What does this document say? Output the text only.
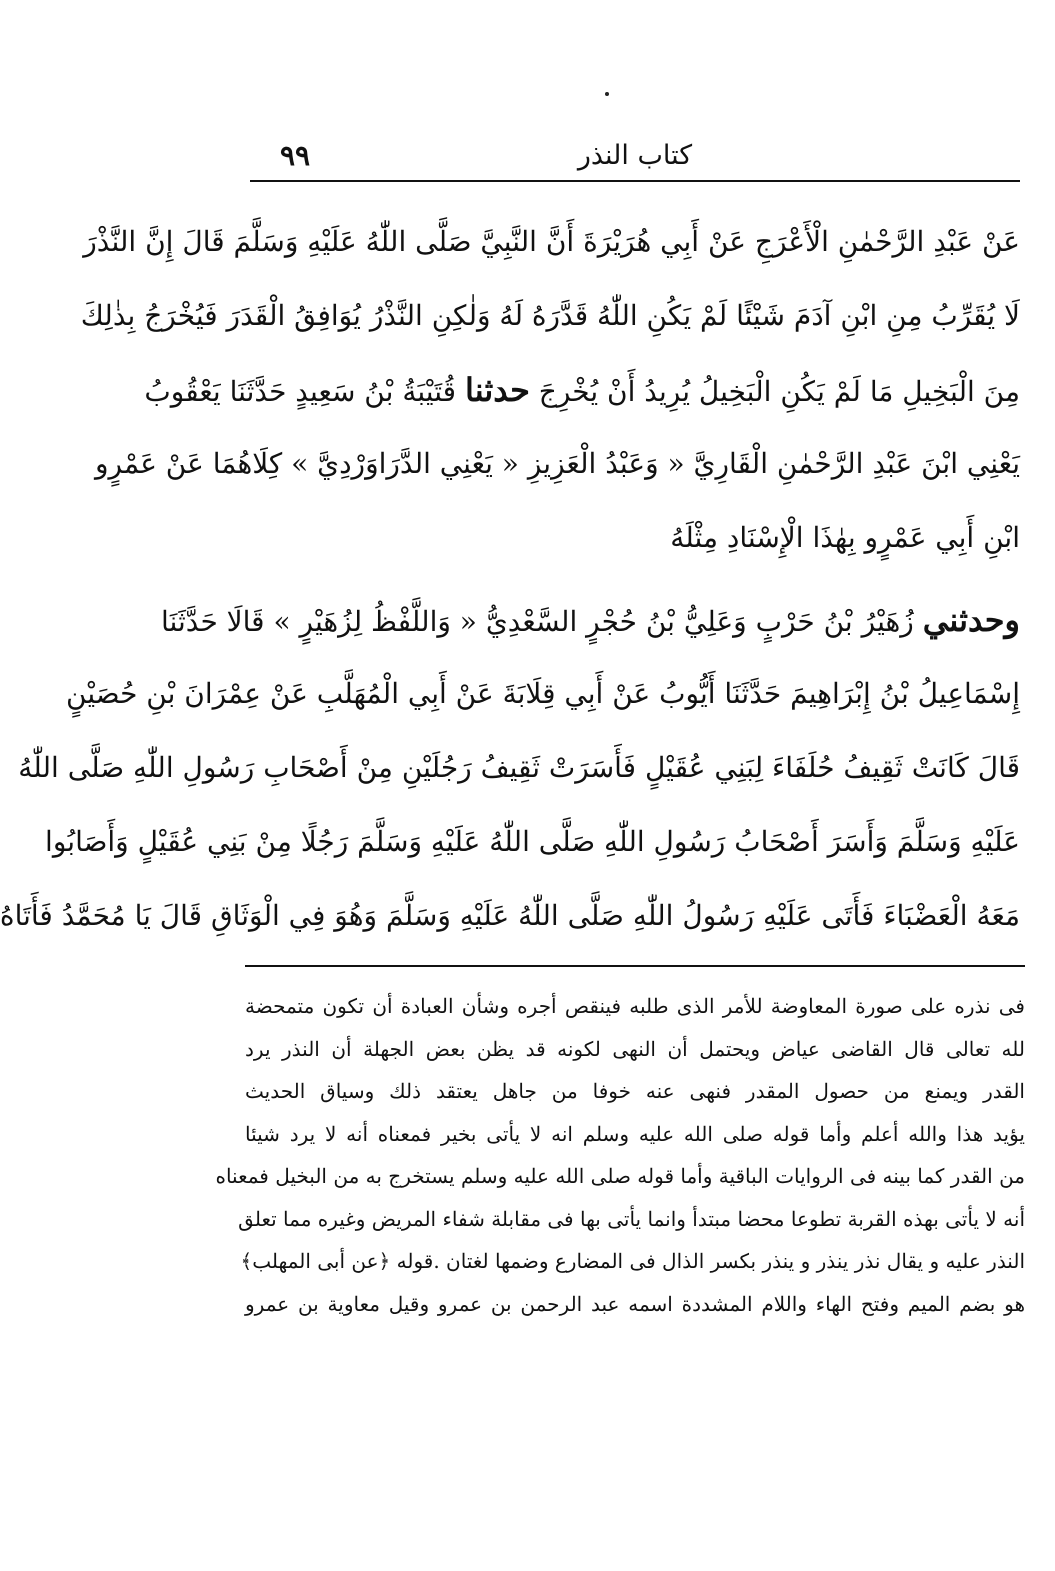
كتاب النذر
٩٩
عَنْ عَبْدِ الرَّحْمٰنِ الْأَعْرَجِ عَنْ أَبِي هُرَيْرَةَ أَنَّ النَّبِيَّ صَلَّى اللّٰهُ عَلَيْهِ وَسَلَّمَ قَالَ إِنَّ النَّذْرَ
لَا يُقَرِّبُ مِنِ ابْنِ آدَمَ شَيْئًا لَمْ يَكُنِ اللّٰهُ قَدَّرَهُ لَهُ وَلٰكِنِ النَّذْرُ يُوَافِقُ الْقَدَرَ فَيُخْرَجُ بِذٰلِكَ
مِنَ الْبَخِيلِ مَا لَمْ يَكُنِ الْبَخِيلُ يُرِيدُ أَنْ يُخْرِجَ حدثنا قُتَيْبَةُ بْنُ سَعِيدٍ حَدَّثَنَا يَعْقُوبُ
يَعْنِي ابْنَ عَبْدِ الرَّحْمٰنِ الْقَارِيَّ « وَعَبْدُ الْعَزِيزِ « يَعْنِي الدَّرَاوَرْدِيَّ » كِلَاهُمَا عَنْ عَمْرٍو
ابْنِ أَبِي عَمْرٍو بِهٰذَا الْإِسْنَادِ مِثْلَهُ
وحدثني زُهَيْرُ بْنُ حَرْبٍ وَعَلِيُّ بْنُ حُجْرٍ السَّعْدِيُّ « وَاللَّفْظُ لِزُهَيْرٍ » قَالَا حَدَّثَنَا
إِسْمَاعِيلُ بْنُ إِبْرَاهِيمَ حَدَّثَنَا أَيُّوبُ عَنْ أَبِي قِلَابَةَ عَنْ أَبِي الْمُهَلَّبِ عَنْ عِمْرَانَ بْنِ حُصَيْنٍ
قَالَ كَانَتْ ثَقِيفُ حُلَفَاءَ لِبَنِي عُقَيْلٍ فَأَسَرَتْ ثَقِيفُ رَجُلَيْنِ مِنْ أَصْحَابِ رَسُولِ اللّٰهِ صَلَّى اللّٰهُ
عَلَيْهِ وَسَلَّمَ وَأَسَرَ أَصْحَابُ رَسُولِ اللّٰهِ صَلَّى اللّٰهُ عَلَيْهِ وَسَلَّمَ رَجُلًا مِنْ بَنِي عُقَيْلٍ وَأَصَابُوا
مَعَهُ الْعَضْبَاءَ فَأَتَى عَلَيْهِ رَسُولُ اللّٰهِ صَلَّى اللّٰهُ عَلَيْهِ وَسَلَّمَ وَهُوَ فِي الْوَثَاقِ قَالَ يَا مُحَمَّدُ فَأَتَاهُ
فى نذره على صورة المعاوضة للأمر الذى طلبه فينقص أجره وشأن العبادة أن تكون متمحضة
لله تعالى قال القاضى عياض ويحتمل أن النهى لكونه قد يظن بعض الجهلة أن النذر يرد
القدر ويمنع من حصول المقدر فنهى عنه خوفا من جاهل يعتقد ذلك وسياق الحديث
يؤيد هذا والله أعلم وأما قوله صلى الله عليه وسلم انه لا يأتى بخير فمعناه أنه لا يرد شيئا
من القدر كما بينه فى الروايات الباقية وأما قوله صلى الله عليه وسلم يستخرج به من البخيل فمعناه
أنه لا يأتى بهذه القربة تطوعا محضا مبتدأ وانما يأتى بها فى مقابلة شفاء المريض وغيره مما تعلق
النذر عليه و يقال نذر ينذر و ينذر بكسر الذال فى المضارع وضمها لغتان .قوله ﴿عن أبى المهلب﴾
هو بضم الميم وفتح الهاء واللام المشددة اسمه عبد الرحمن بن عمرو وقيل معاوية بن عمرو
